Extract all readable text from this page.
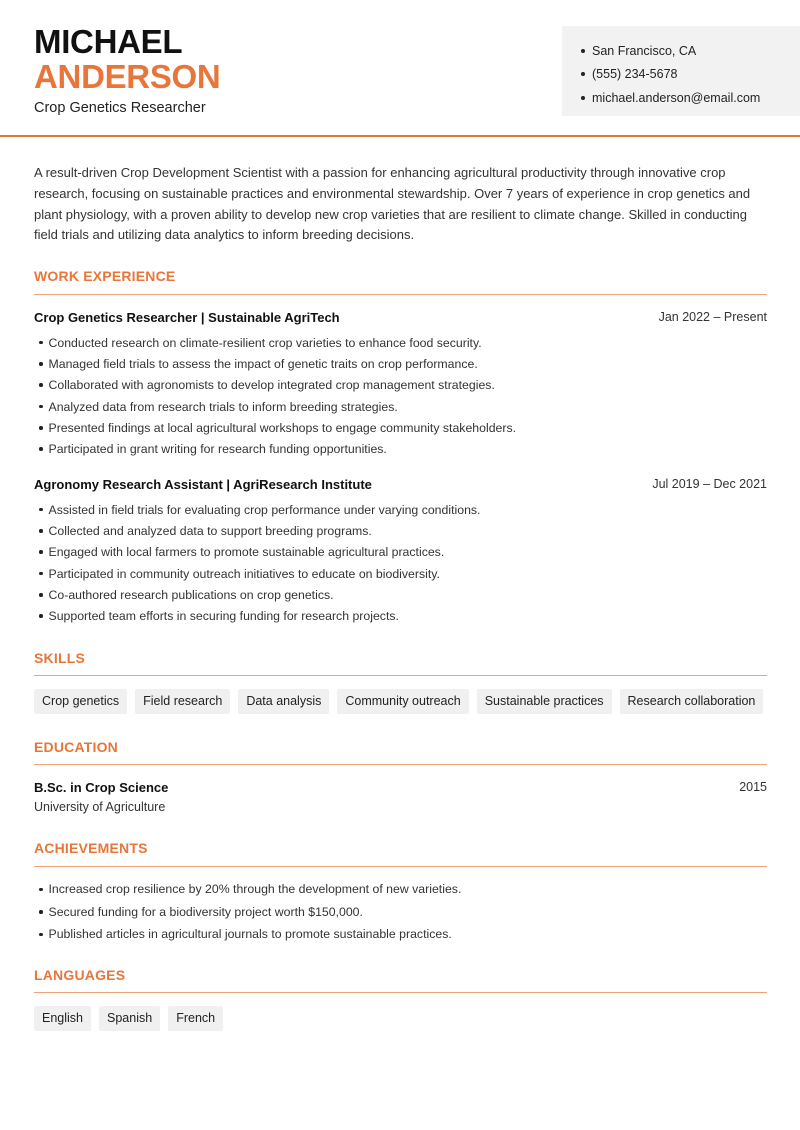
MICHAEL
ANDERSON
Crop Genetics Researcher
San Francisco, CA
(555) 234-5678
michael.anderson@email.com

A result-driven Crop Development Scientist with a passion for enhancing agricultural productivity through innovative crop research, focusing on sustainable practices and environmental stewardship. Over 7 years of experience in crop genetics and plant physiology, with a proven ability to develop new crop varieties that are resilient to climate change. Skilled in conducting field trials and utilizing data analytics to inform breeding decisions.

WORK EXPERIENCE
Crop Genetics Researcher | Sustainable AgriTech	Jan 2022 – Present
Conducted research on climate-resilient crop varieties to enhance food security.
Managed field trials to assess the impact of genetic traits on crop performance.
Collaborated with agronomists to develop integrated crop management strategies.
Analyzed data from research trials to inform breeding strategies.
Presented findings at local agricultural workshops to engage community stakeholders.
Participated in grant writing for research funding opportunities.
Agronomy Research Assistant | AgriResearch Institute	Jul 2019 – Dec 2021
Assisted in field trials for evaluating crop performance under varying conditions.
Collected and analyzed data to support breeding programs.
Engaged with local farmers to promote sustainable agricultural practices.
Participated in community outreach initiatives to educate on biodiversity.
Co-authored research publications on crop genetics.
Supported team efforts in securing funding for research projects.
SKILLS
Crop genetics	Field research	Data analysis	Community outreach	Sustainable practices	Research collaboration
EDUCATION
B.Sc. in Crop Science	2015
University of Agriculture
ACHIEVEMENTS
Increased crop resilience by 20% through the development of new varieties.
Secured funding for a biodiversity project worth $150,000.
Published articles in agricultural journals to promote sustainable practices.
LANGUAGES
English	Spanish	French
